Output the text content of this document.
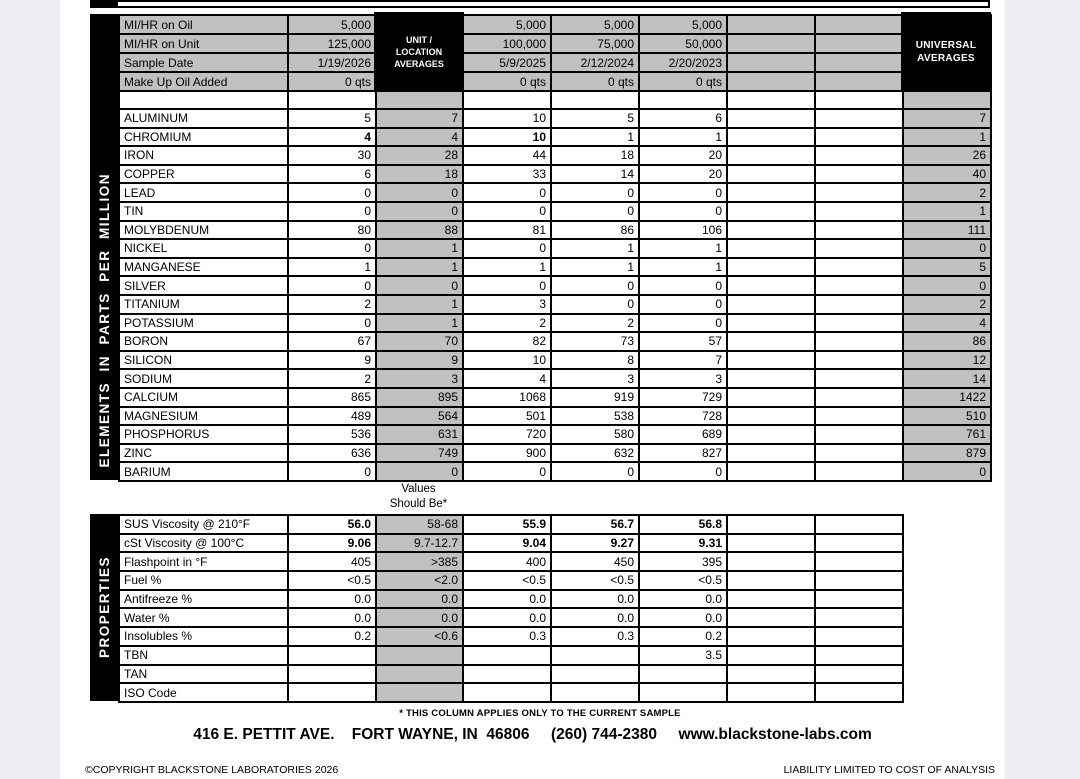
ELEMENTS  IN  PARTS  PER  MILLION
MI/HR on Oil	5,000		5,000	5,000	5,000			
MI/HR on Unit	125,000		100,000	75,000	50,000			
Sample Date	1/19/2026		5/9/2025	2/12/2024	2/20/2023			
Make Up Oil Added	0 qts		0 qts	0 qts	0 qts			

ALUMINUM	5	7	10	5	6			7
CHROMIUM	4	4	10	1	1			1
IRON	30	28	44	18	20			26
COPPER	6	18	33	14	20			40
LEAD	0	0	0	0	0			2
TIN	0	0	0	0	0			1
MOLYBDENUM	80	88	81	86	106			111
NICKEL	0	1	0	1	1			0
MANGANESE	1	1	1	1	1			5
SILVER	0	0	0	0	0			0
TITANIUM	2	1	3	0	0			2
POTASSIUM	0	1	2	2	0			4
BORON	67	70	82	73	57			86
SILICON	9	9	10	8	7			12
SODIUM	2	3	4	3	3			14
CALCIUM	865	895	1068	919	729			1422
MAGNESIUM	489	564	501	538	728			510
PHOSPHORUS	536	631	720	580	689			761
ZINC	636	749	900	632	827			879
BARIUM	0	0	0	0	0			0
UNIT /
LOCATION
AVERAGES
UNIVERSAL
AVERAGES
Values
Should Be*
PROPERTIES
SUS Viscosity @ 210°F	56.0	58-68	55.9	56.7	56.8		
cSt Viscosity @ 100°C	9.06	9.7-12.7	9.04	9.27	9.31		
Flashpoint in °F	405	>385	400	450	395		
Fuel %	<0.5	<2.0	<0.5	<0.5	<0.5		
Antifreeze %	0.0	0.0	0.0	0.0	0.0		
Water %	0.0	0.0	0.0	0.0	0.0		
Insolubles %	0.2	<0.6	0.3	0.3	0.2		
TBN					3.5		
TAN							
ISO Code							
* THIS COLUMN APPLIES ONLY TO THE CURRENT SAMPLE
416 E. PETTIT AVE.    FORT WAYNE, IN  46806     (260) 744-2380     www.blackstone-labs.com
©COPYRIGHT BLACKSTONE LABORATORIES 2026	LIABILITY LIMITED TO COST OF ANALYSIS
